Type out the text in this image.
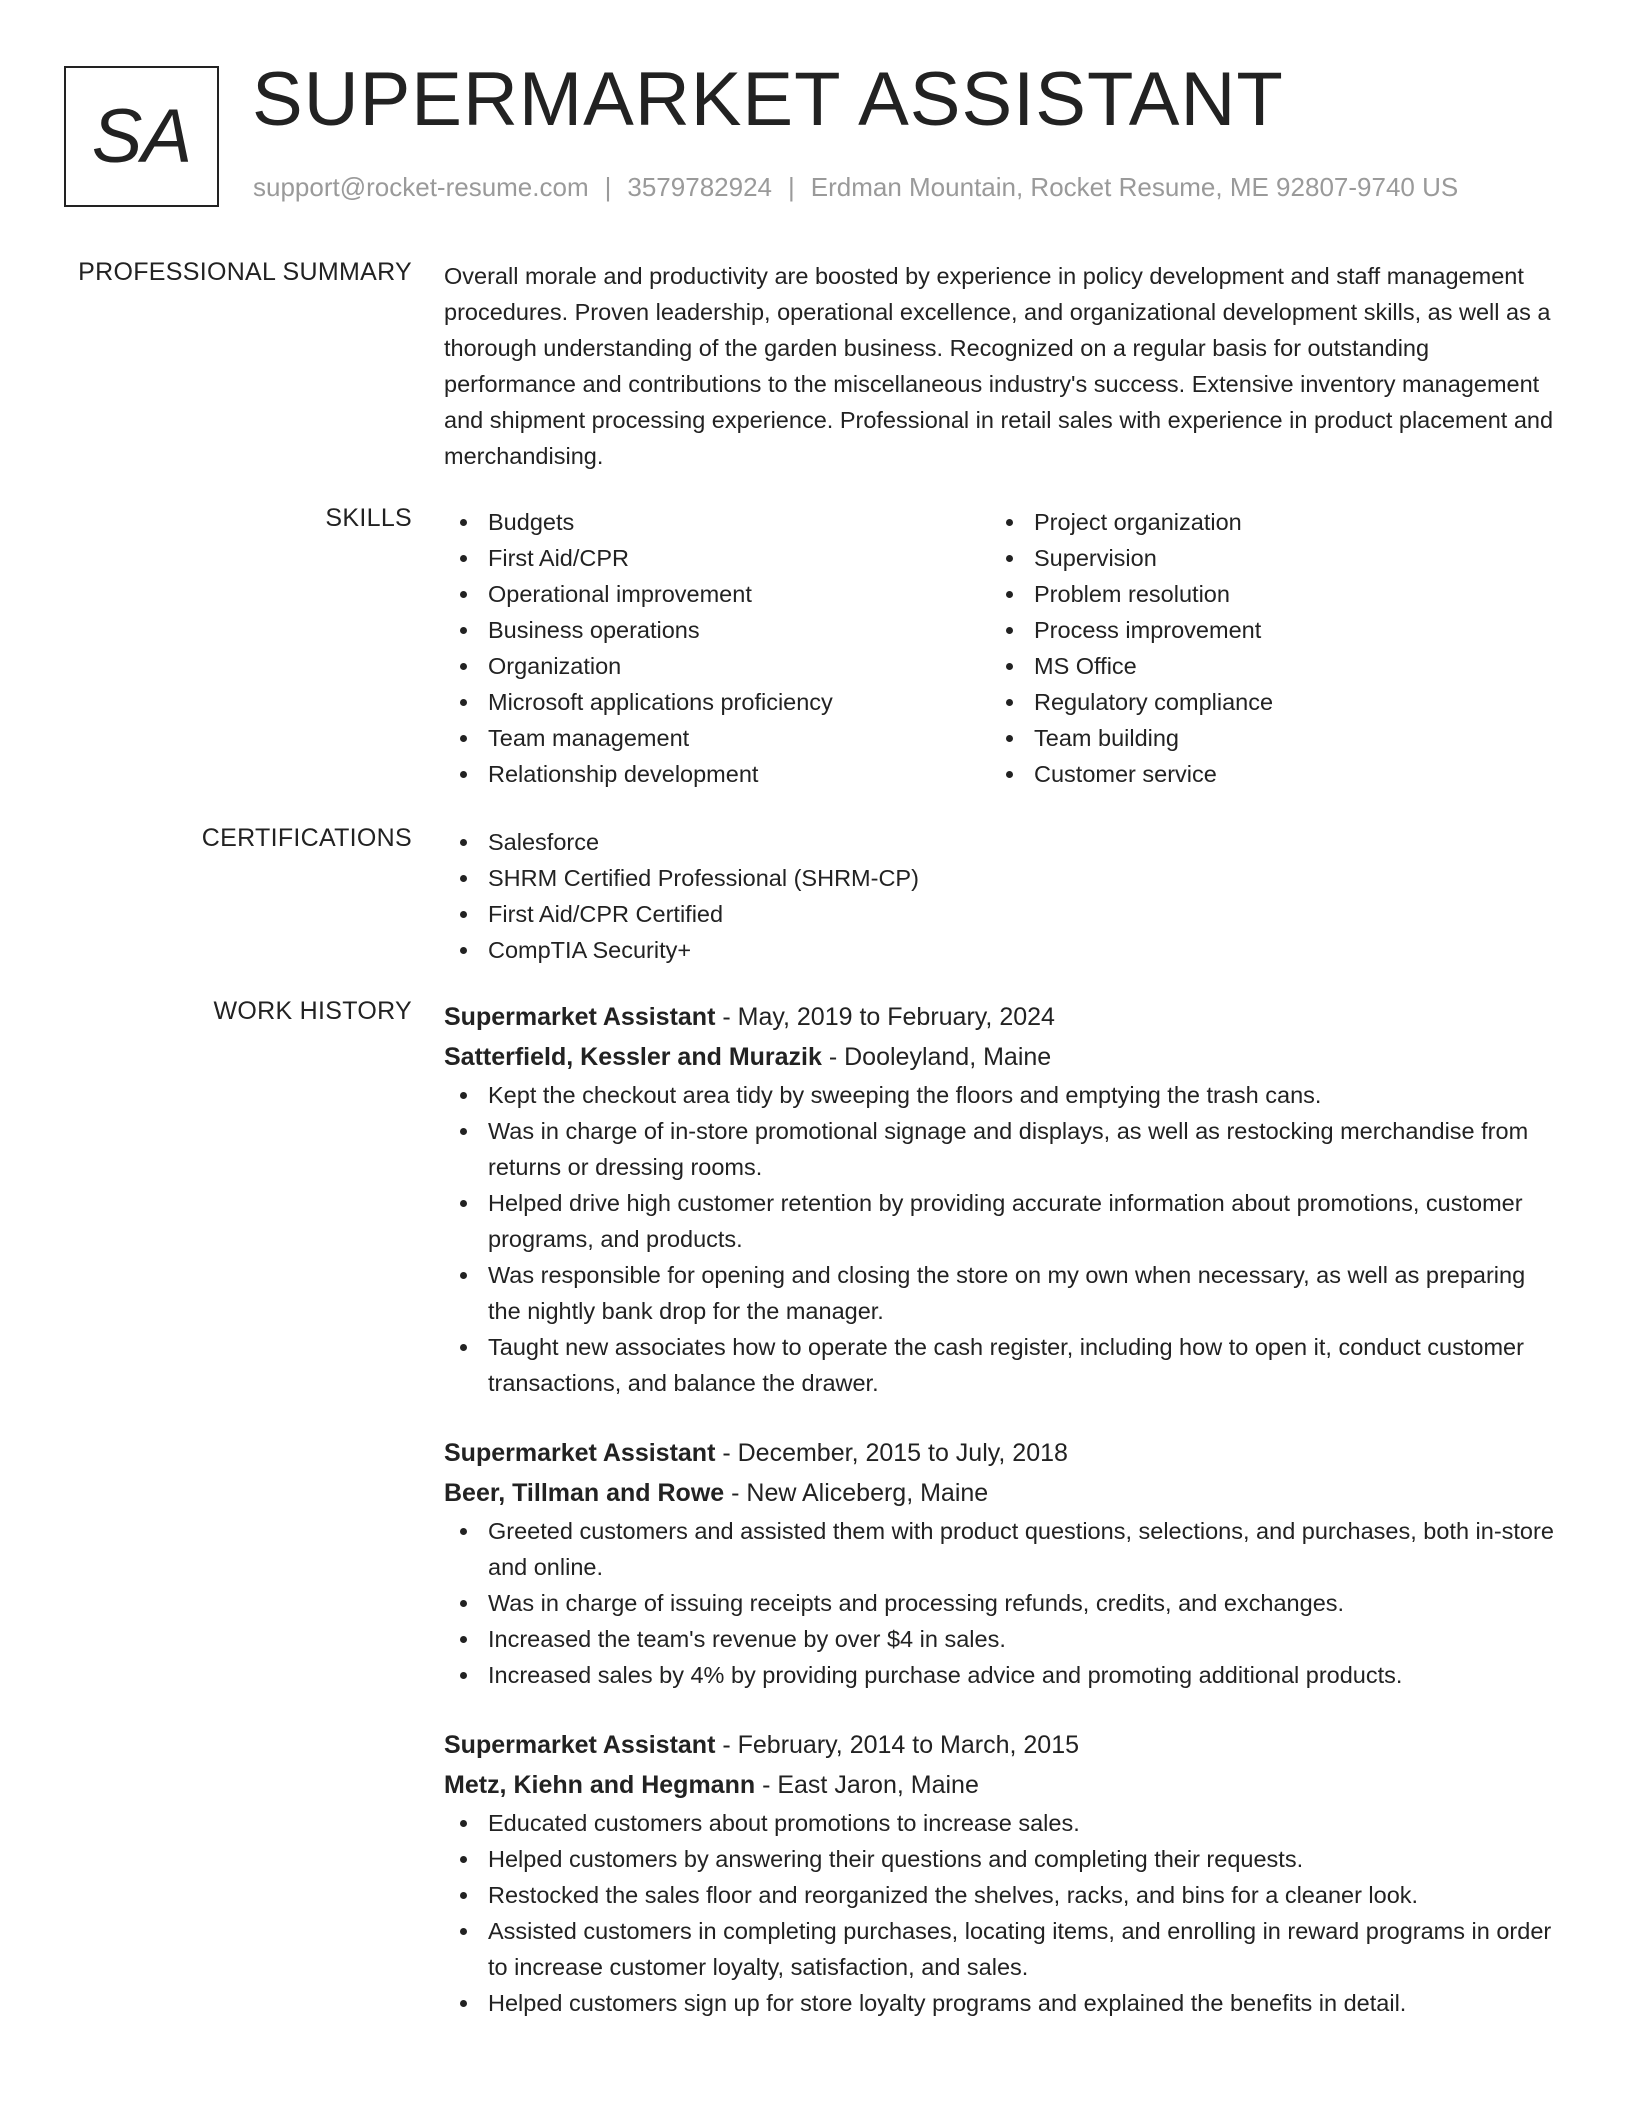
SA SUPERMARKET ASSISTANT
support@rocket-resume.com | 3579782924 | Erdman Mountain, Rocket Resume, ME 92807-9740 US
PROFESSIONAL SUMMARY Overall morale and productivity are boosted by experience in policy development and staff management procedures. Proven leadership, operational excellence, and organizational development skills, as well as a thorough understanding of the garden business. Recognized on a regular basis for outstanding performance and contributions to the miscellaneous industry's success. Extensive inventory management and shipment processing experience. Professional in retail sales with experience in product placement and merchandising.

SKILLS	Budgets
First Aid/CPR
Operational improvement
Business operations
Organization
Microsoft applications proficiency
Team management
Relationship development
Project organization
Supervision
Problem resolution
Process improvement
MS Office
Regulatory compliance
Team building
Customer service
CERTIFICATIONS	Salesforce
SHRM Certified Professional (SHRM-CP)
First Aid/CPR Certified
CompTIA Security+
WORK HISTORY Supermarket Assistant - May, 2019 to February, 2024
Satterfield, Kessler and Murazik - Dooleyland, Maine
Kept the checkout area tidy by sweeping the floors and emptying the trash cans.
Was in charge of in-store promotional signage and displays, as well as restocking merchandise from returns or dressing rooms.
Helped drive high customer retention by providing accurate information about promotions, customer programs, and products.
Was responsible for opening and closing the store on my own when necessary, as well as preparing the nightly bank drop for the manager.
Taught new associates how to operate the cash register, including how to open it, conduct customer transactions, and balance the drawer.
Supermarket Assistant - December, 2015 to July, 2018
Beer, Tillman and Rowe - New Aliceberg, Maine
Greeted customers and assisted them with product questions, selections, and purchases, both in-store and online.
Was in charge of issuing receipts and processing refunds, credits, and exchanges.
Increased the team's revenue by over $4 in sales.
Increased sales by 4% by providing purchase advice and promoting additional products.
Supermarket Assistant - February, 2014 to March, 2015
Metz, Kiehn and Hegmann - East Jaron, Maine
Educated customers about promotions to increase sales.
Helped customers by answering their questions and completing their requests.
Restocked the sales floor and reorganized the shelves, racks, and bins for a cleaner look.
Assisted customers in completing purchases, locating items, and enrolling in reward programs in order to increase customer loyalty, satisfaction, and sales.
Helped customers sign up for store loyalty programs and explained the benefits in detail.
